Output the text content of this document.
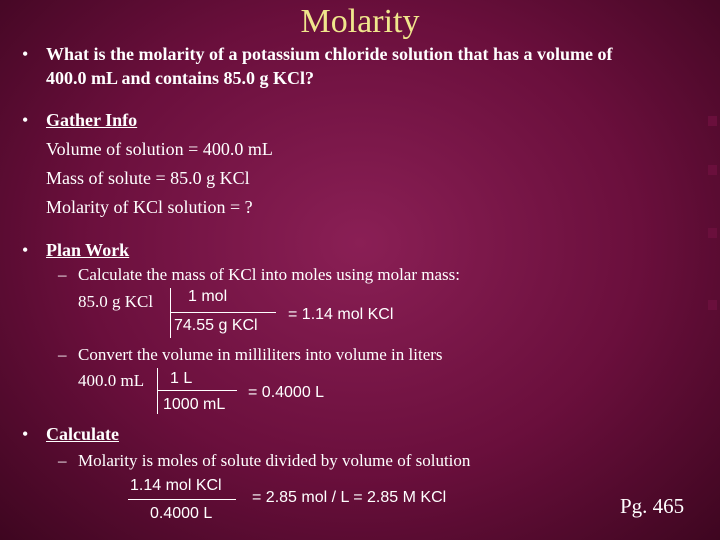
Molarity
• What is the molarity of a potassium chloride solution that has a volume of
400.0 mL and contains 85.0 g KCl?
• Gather Info
Volume of solution = 400.0 mL
Mass of solute = 85.0 g KCl
Molarity of KCl solution = ?
• Plan Work
– Calculate the mass of KCl into moles using molar mass:
85.0 g KCl 1 mol
74.55 g KCl
= 1.14 mol KCl
– Convert the volume in milliliters into volume in liters
400.0 mL 1 L
1000 mL
= 0.4000 L
• Calculate
– Molarity is moles of solute divided by volume of solution
1.14 mol KCl
0.4000 L
= 2.85 mol / L = 2.85 M KCl	Pg. 465
